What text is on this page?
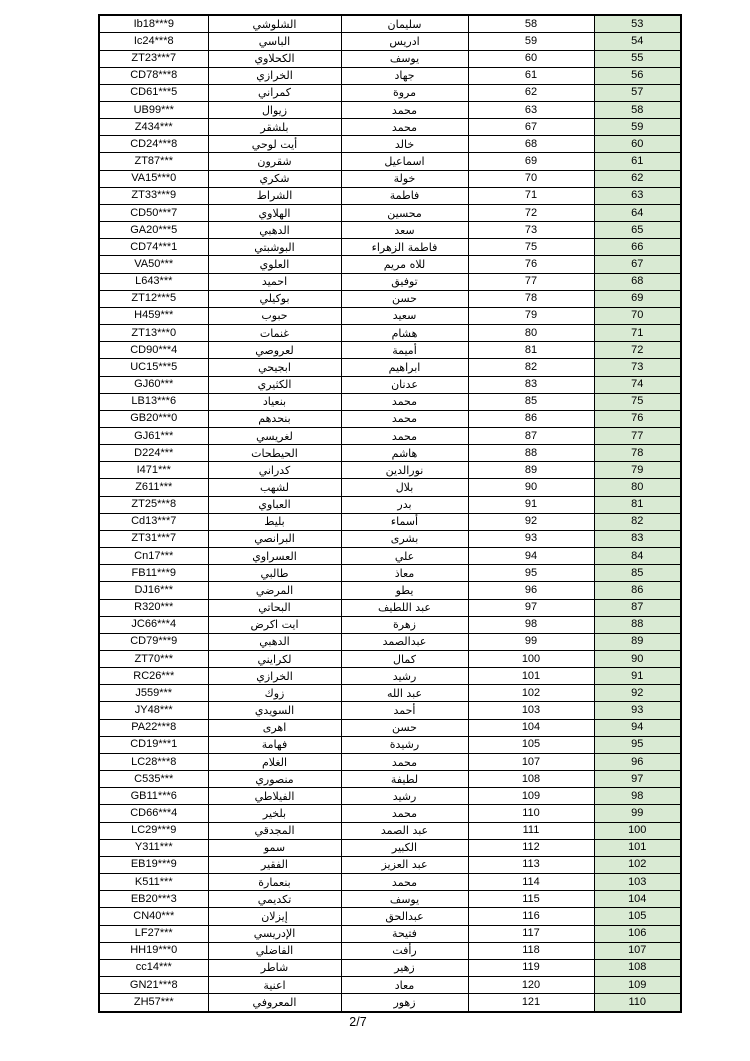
Ib18***9	الشلوشي	سليمان	58	53
Ic24***8	الباسي	ادريس	59	54
ZT23***7	الكحلاوي	يوسف	60	55
CD78***8	الخرازي	جهاد	61	56
CD61***5	كمراني	مروة	62	57
UB99***	زيوال	محمد	63	58
Z434***	بلشقر	محمد	67	59
CD24***8	أيت لوحي	خالد	68	60
ZT87***	شقرون	اسماعيل	69	61
VA15***0	شكري	خولة	70	62
ZT33***9	الشراط	فاطمة	71	63
CD50***7	الهلاوي	محسين	72	64
GA20***5	الدهبي	سعد	73	65
CD74***1	البوشبتي	فاطمة الزهراء	75	66
VA50***	العلوي	للاه مريم	76	67
L643***	احميد	توفيق	77	68
ZT12***5	بوكيلي	حسن	78	69
H459***	حبوب	سعيد	79	70
ZT13***0	غنمات	هشام	80	71
CD90***4	لعروصي	أميمة	81	72
UC15***5	ابجيحي	ابراهيم	82	73
GJ60***	الكثيري	عدنان	83	74
LB13***6	بنعياد	محمد	85	75
GB20***0	بنحدهم	محمد	86	76
GJ61***	لغريسي	محمد	87	77
D224***	الحيطحات	هاشم	88	78
I471***	كدراني	نورالدين	89	79
Z611***	لشهب	بلال	90	80
ZT25***8	العباوي	بدر	91	81
Cd13***7	بليط	أسماء	92	82
ZT31***7	البرانصي	بشرى	93	83
Cn17***	العسراوي	علي	94	84
FB11***9	طالبي	معاذ	95	85
DJ16***	المرضي	يطو	96	86
R320***	البحاتي	عبد اللطيف	97	87
JC66***4	ايت اكرض	زهرة	98	88
CD79***9	الدهبي	عبدالصمد	99	89
ZT70***	لكرايني	كمال	100	90
RC26***	الخرازي	رشيد	101	91
J559***	زوك	عبد الله	102	92
JY48***	السويدي	أحمد	103	93
PA22***8	اهرى	حسن	104	94
CD19***1	فهامة	رشيدة	105	95
LC28***8	الغلام	محمد	107	96
C535***	منصوري	لطيفة	108	97
GB11***6	الفيلاطي	رشيد	109	98
CD66***4	بلخير	محمد	110	99
LC29***9	المجدقي	عبد الصمد	111	100
Y311***	سمو	الكبير	112	101
EB19***9	الفقير	عبد العزيز	113	102
K511***	بنعمارة	محمد	114	103
EB20***3	تكديمي	يوسف	115	104
CN40***	إيزلان	عبدالحق	116	105
LF27***	الإدريسي	فتيحة	117	106
HH19***0	الفاضلي	رأفت	118	107
cc14***	شاطر	زهير	119	108
GN21***8	اعنية	معاد	120	109
ZH57***	المعروفي	زهور	121	110
2/7
